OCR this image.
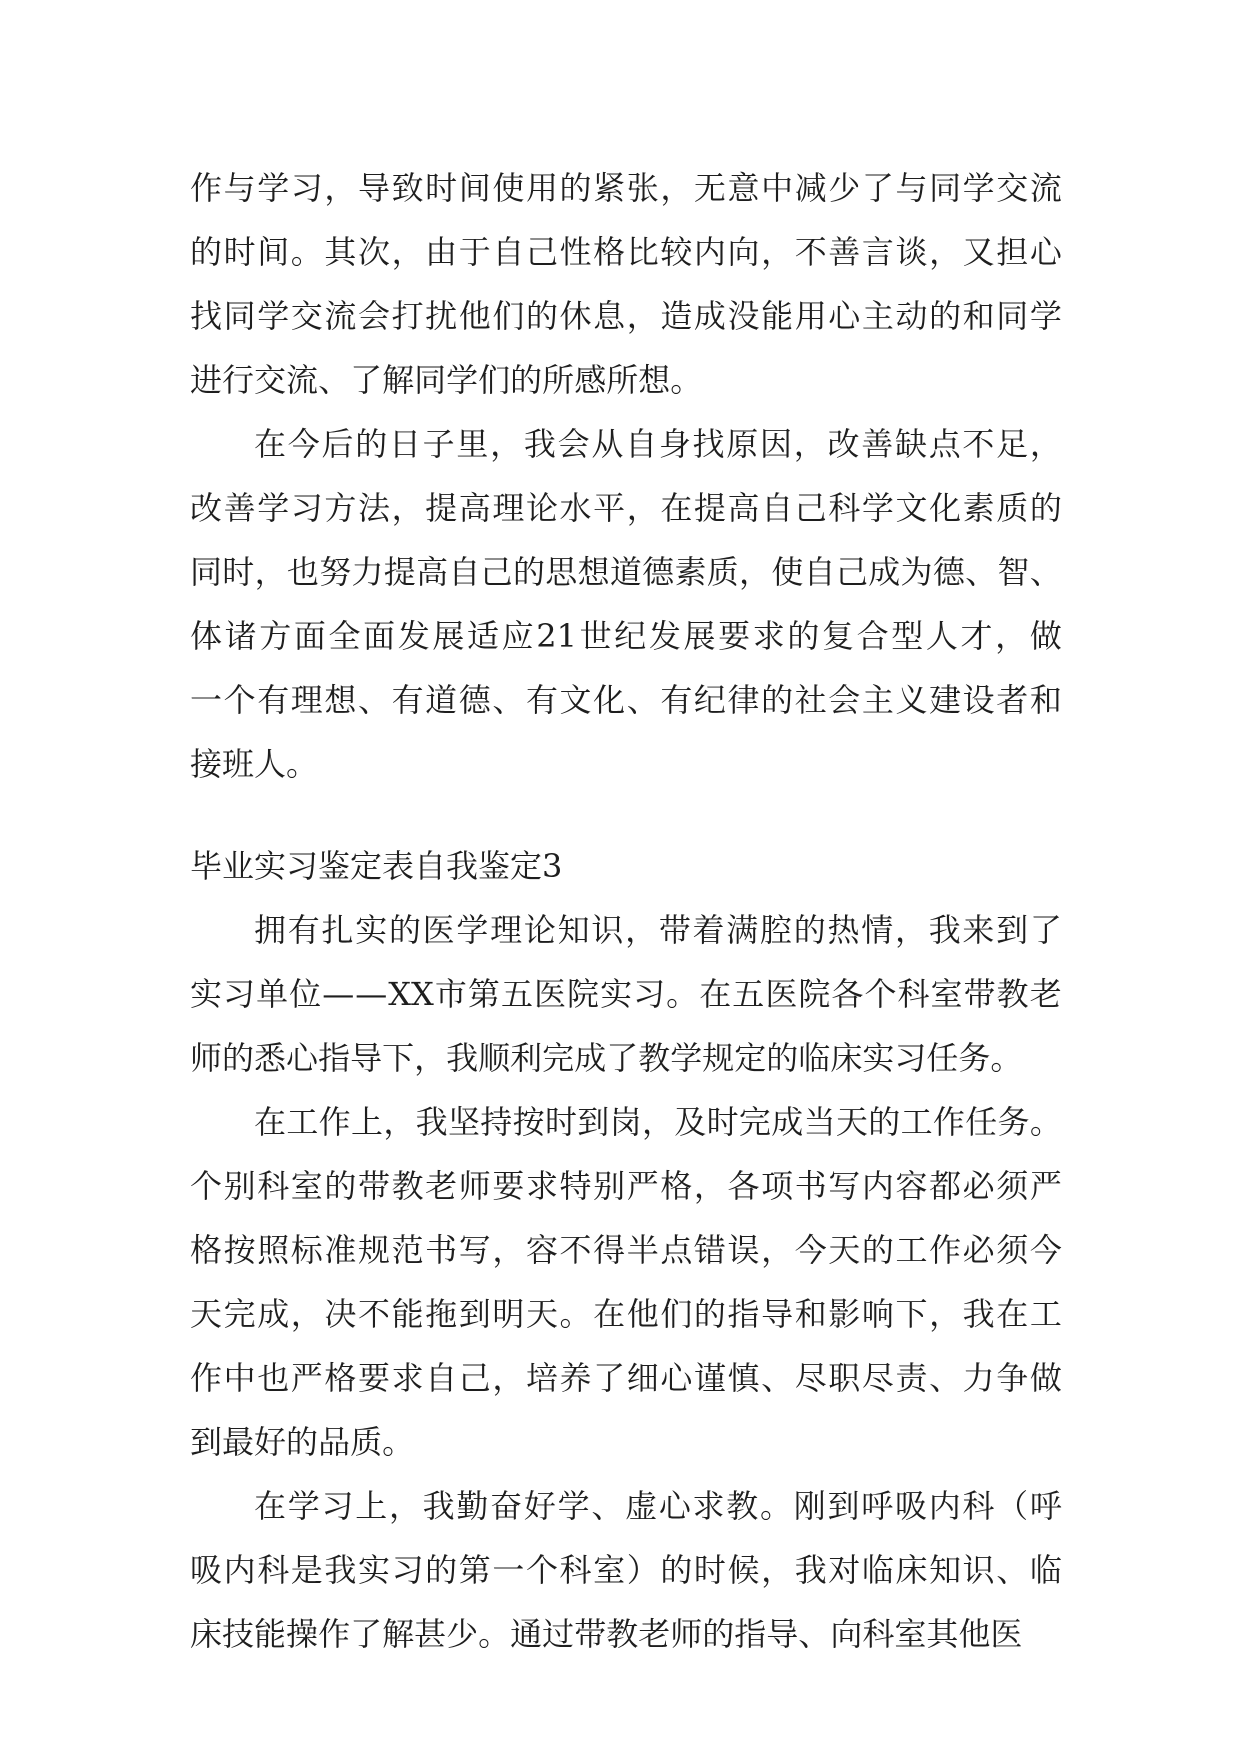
作 与 学 习 ， 导 致 时 间 使 用 的 紧 张 ， 无 意 中 减 少 了 与 同 学 交 流
的 时 间 。 其 次 ， 由 于 自 己 性 格 比 较 内 向 ， 不 善 言 谈 ， 又 担 心
找 同 学 交 流 会 打 扰 他 们 的 休 息 ， 造 成 没 能 用 心 主 动 的 和 同 学
进 行 交 流 、 了 解 同 学 们 的 所 感 所 想 。
在 今 后 的 日 子 里 ， 我 会 从 自 身 找 原 因 ， 改 善 缺 点 不 足 ，
改 善 学 习 方 法 ， 提 高 理 论 水 平 ， 在 提 高 自 己 科 学 文 化 素 质 的
同 时 ， 也 努 力 提 高 自 己 的 思 想 道 德 素 质 ， 使 自 己 成 为 德 、 智 、
体 诸 方 面 全 面 发 展 适 应 21 世 纪 发 展 要 求 的 复 合 型 人 才 ， 做
一 个 有 理 想 、 有 道 德 、 有 文 化 、 有 纪 律 的 社 会 主 义 建 设 者 和
接 班 人 。
毕业实习鉴定表自我鉴定3
拥 有 扎 实 的 医 学 理 论 知 识 ， 带 着 满 腔 的 热 情 ， 我 来 到 了
实 习 单 位 — — XX 市 第 五 医 院 实 习 。 在 五 医 院 各 个 科 室 带 教 老
师 的 悉 心 指 导 下 ， 我 顺 利 完 成 了 教 学 规 定 的 临 床 实 习 任 务 。
在 工 作 上 ， 我 坚 持 按 时 到 岗 ， 及 时 完 成 当 天 的 工 作 任 务 。
个 别 科 室 的 带 教 老 师 要 求 特 别 严 格 ， 各 项 书 写 内 容 都 必 须 严
格 按 照 标 准 规 范 书 写 ， 容 不 得 半 点 错 误 ， 今 天 的 工 作 必 须 今
天 完 成 ， 决 不 能 拖 到 明 天 。 在 他 们 的 指 导 和 影 响 下 ， 我 在 工
作 中 也 严 格 要 求 自 己 ， 培 养 了 细 心 谨 慎 、 尽 职 尽 责 、 力 争 做
到 最 好 的 品 质 。
在 学 习 上 ， 我 勤 奋 好 学 、 虚 心 求 教 。 刚 到 呼 吸 内 科 （ 呼
吸 内 科 是 我 实 习 的 第 一 个 科 室 ） 的 时 候 ， 我 对 临 床 知 识 、 临
床 技 能 操 作 了 解 甚 少 。 通 过 带 教 老 师 的 指 导 、 向 科 室 其 他 医
